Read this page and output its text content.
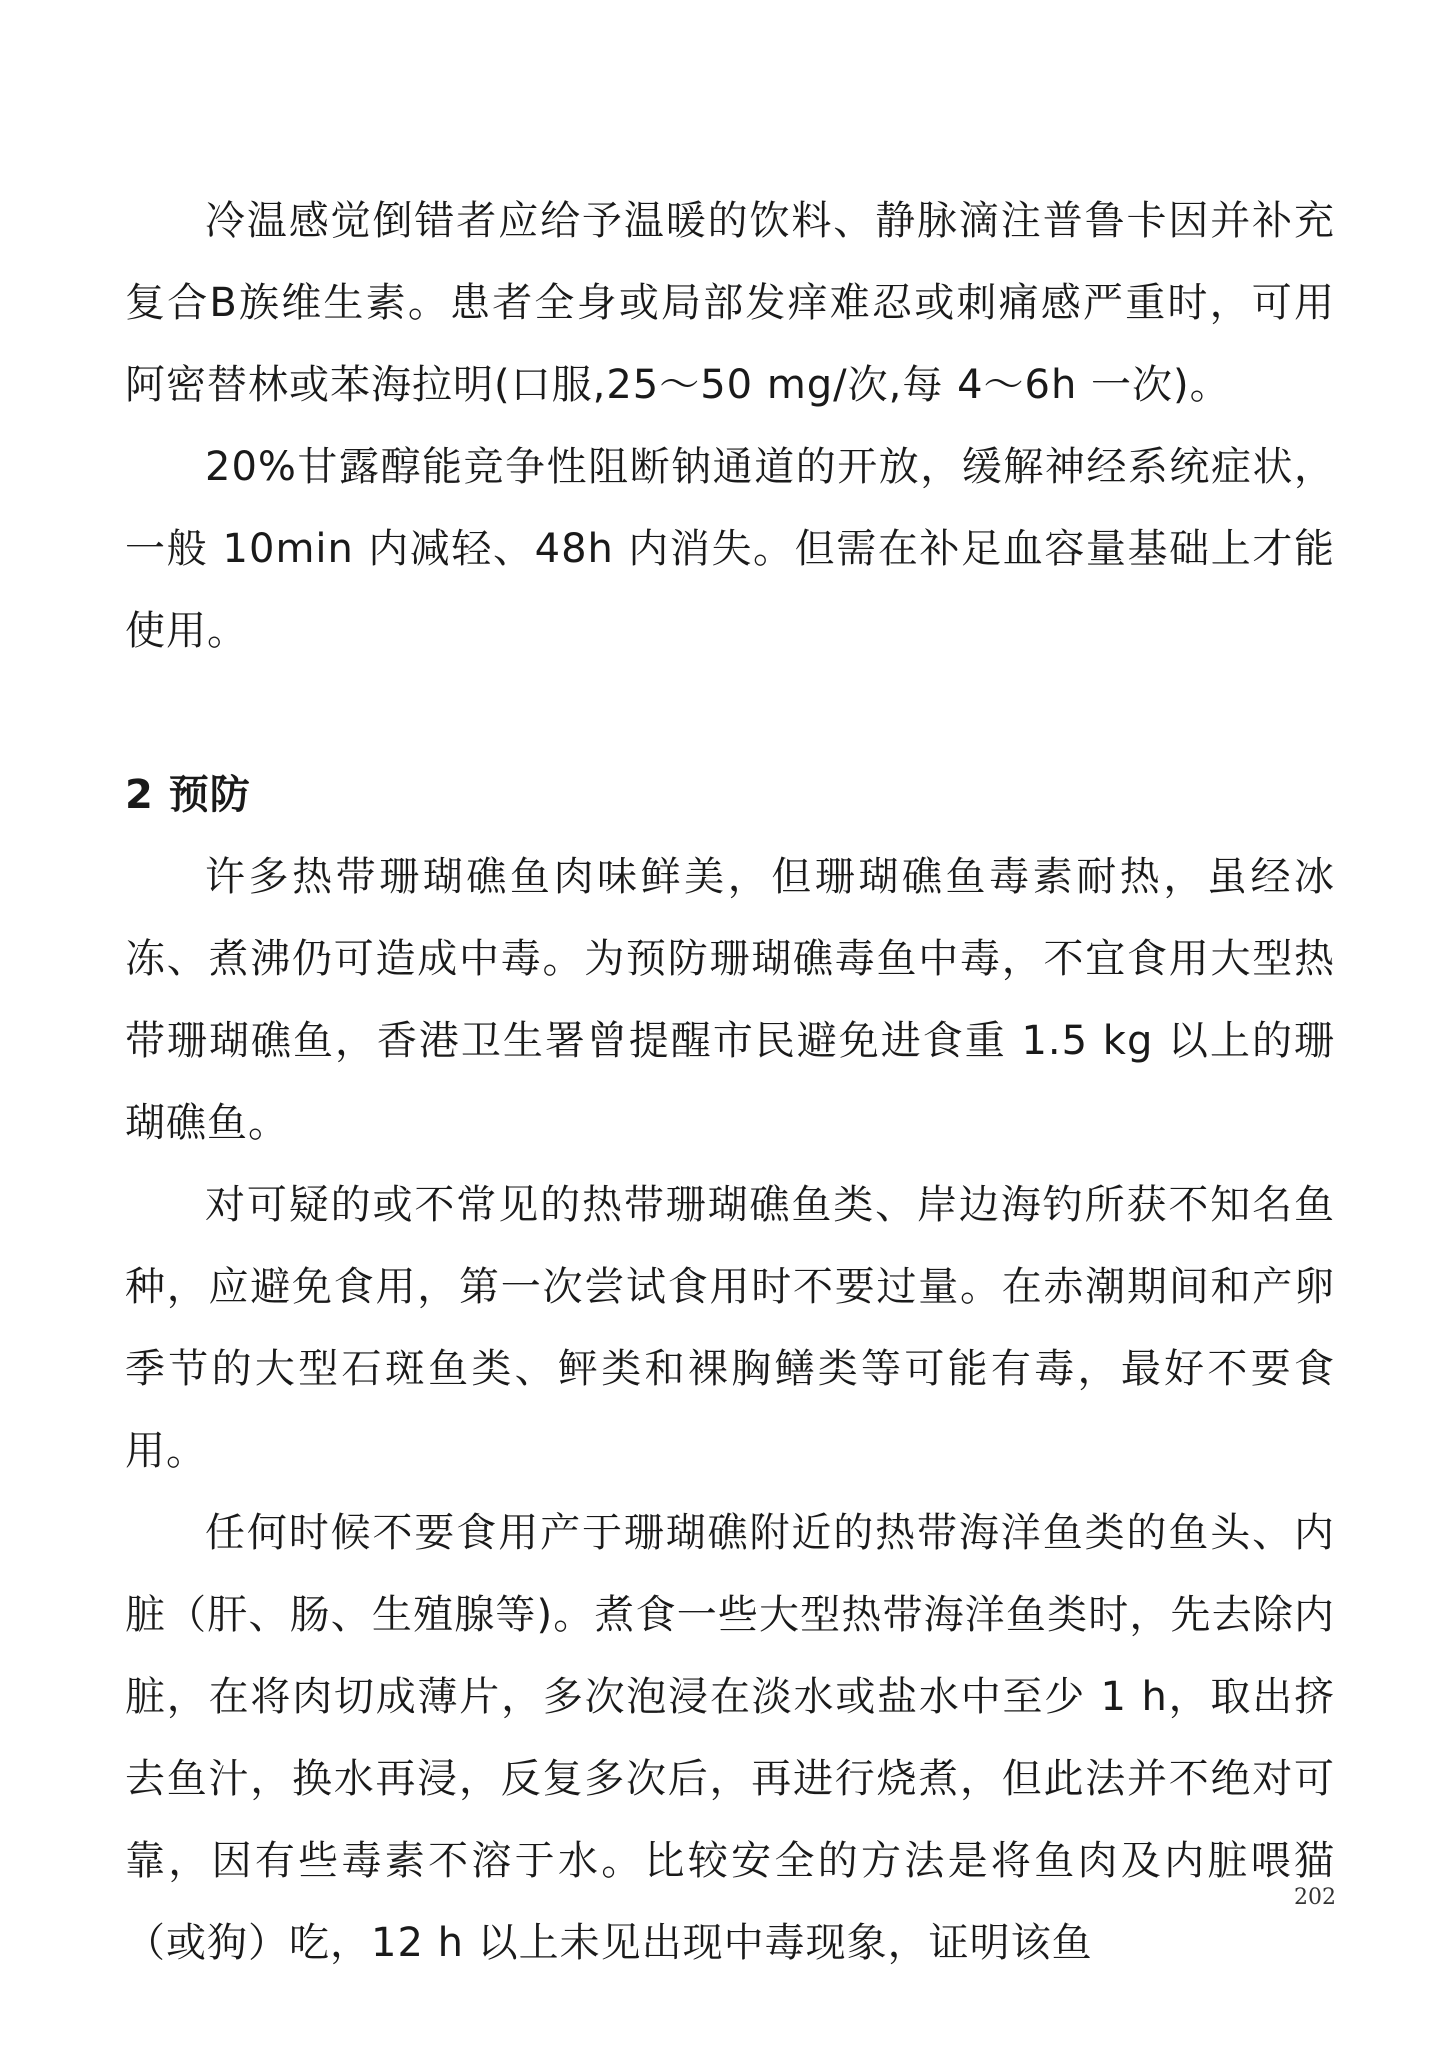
冷温感觉倒错者应给予温暖的饮料、静脉滴注普鲁卡因并补充复合B族维生素。患者全身或局部发痒难忍或刺痛感严重时，可用阿密替林或苯海拉明(口服,25～50 mg/次,每 4～6h 一次)。

20%甘露醇能竞争性阻断钠通道的开放，缓解神经系统症状，一般 10min 内减轻、48h 内消失。但需在补足血容量基础上才能使用。

2 预防

许多热带珊瑚礁鱼肉味鲜美，但珊瑚礁鱼毒素耐热，虽经冰冻、煮沸仍可造成中毒。为预防珊瑚礁毒鱼中毒，不宜食用大型热带珊瑚礁鱼，香港卫生署曾提醒市民避免进食重 1.5 kg 以上的珊瑚礁鱼。

对可疑的或不常见的热带珊瑚礁鱼类、岸边海钓所获不知名鱼种，应避免食用，第一次尝试食用时不要过量。在赤潮期间和产卵季节的大型石斑鱼类、鲆类和裸胸鳝类等可能有毒，最好不要食用。

任何时候不要食用产于珊瑚礁附近的热带海洋鱼类的鱼头、内脏（肝、肠、生殖腺等)。煮食一些大型热带海洋鱼类时，先去除内脏，在将肉切成薄片，多次泡浸在淡水或盐水中至少 1 h，取出挤去鱼汁，换水再浸，反复多次后，再进行烧煮，但此法并不绝对可靠，因有些毒素不溶于水。比较安全的方法是将鱼肉及内脏喂猫（或狗）吃，12 h 以上未见出现中毒现象，证明该鱼

202
